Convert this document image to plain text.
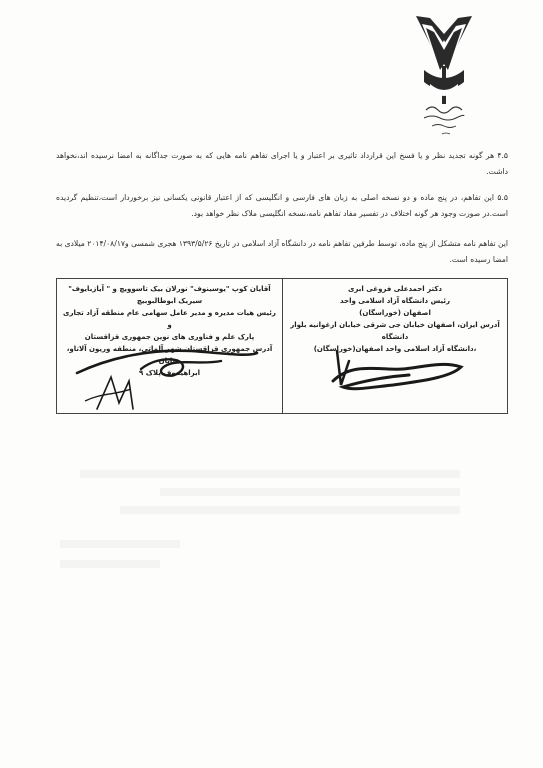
۴.۵ هر گونه تجدید نظر و یا فسخ این قرارداد تاثیری بر اعتبار و یا اجرای تفاهم نامه هایی که به صورت جداگانه به امضا نرسیده اند،نخواهد داشت.
۵.۵ این تفاهم، در پنج ماده و دو نسخه اصلی به زبان های فارسی و انگلیسی که از اعتبار قانونی یکسانی نیز برخوردار است،تنظیم گردیده است.در صورت وجود هر گونه اختلاف در تفسیر مفاد تفاهم نامه،نسخه انگلیسی ملاک نظر خواهد بود.
این تفاهم نامه متشکل از پنج ماده، توسط طرفین تفاهم نامه در دانشگاه آزاد اسلامی در تاریخ ۱۳۹۳/۵/۲۶ هجری شمسی و۲۰۱۴/۰۸/۱۷ میلادی به امضا رسیده است.
دکتر احمدعلی فروغی ابری
رئیس دانشگاه آزاد اسلامی واحد
اصفهان (خوراسگان)
آدرس ایران، اصفهان خیابان جی شرقی خیابان ارغوانیه بلوار دانشگاه
،دانشگاه آزاد اسلامی واحد اصفهان(خوراسگان)
آقایان کوپ "یوسینوف" نورلان بیک تاسوویچ و " آیازبایوف"
سیریک ابوطالبوبیچ
رئیس هیات مدیره و مدیر عامل سهامی عام منطقه آزاد تجاری و
پارک علم و فناوری های نوین جمهوری قزاقستان
آدرس جمهوری قزاقستان شهر آلماتی، منطقه وریون آلاتاو، خیابان
ابراهیموف پلاک ۹
